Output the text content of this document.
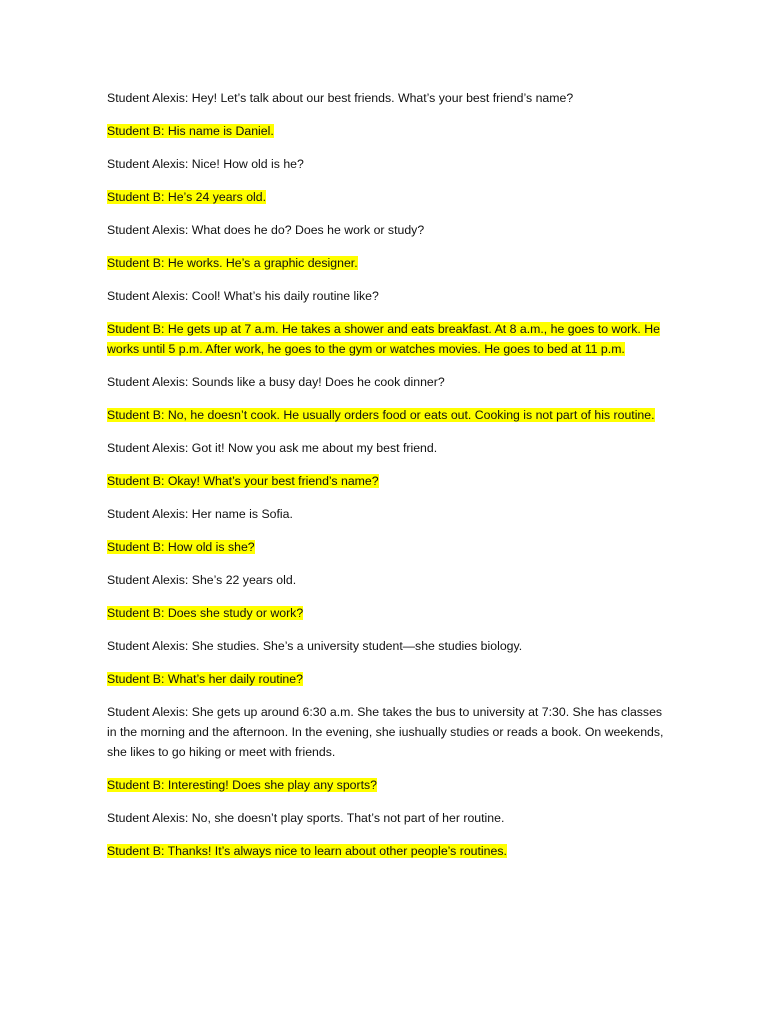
Student Alexis: Hey! Let’s talk about our best friends. What’s your best friend’s name?

Student B: His name is Daniel.

Student Alexis: Nice! How old is he?

Student B: He’s 24 years old.

Student Alexis: What does he do? Does he work or study?

Student B: He works. He’s a graphic designer.

Student Alexis: Cool! What’s his daily routine like?

Student B: He gets up at 7 a.m. He takes a shower and eats breakfast. At 8 a.m., he goes to work. He works until 5 p.m. After work, he goes to the gym or watches movies. He goes to bed at 11 p.m.

Student Alexis: Sounds like a busy day! Does he cook dinner?

Student B: No, he doesn’t cook. He usually orders food or eats out. Cooking is not part of his routine.

Student Alexis: Got it! Now you ask me about my best friend.

Student B: Okay! What’s your best friend’s name?

Student Alexis: Her name is Sofia.

Student B: How old is she?

Student Alexis: She’s 22 years old.

Student B: Does she study or work?

Student Alexis: She studies. She’s a university student—she studies biology.

Student B: What’s her daily routine?

Student Alexis: She gets up around 6:30 a.m. She takes the bus to university at 7:30. She has classes in the morning and the afternoon. In the evening, she iushually studies or reads a book. On weekends, she likes to go hiking or meet with friends.

Student B: Interesting! Does she play any sports?

Student Alexis: No, she doesn’t play sports. That’s not part of her routine.

Student B: Thanks! It’s always nice to learn about other people’s routines.
